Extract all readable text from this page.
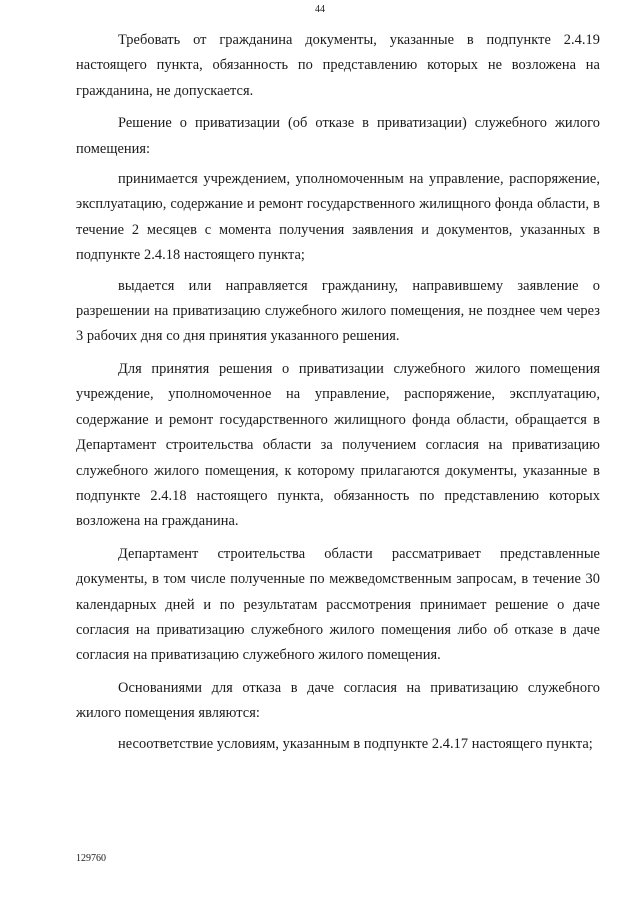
44

Требовать от гражданина документы, указанные в подпункте 2.4.19 настоящего пункта, обязанность по представлению которых не возложена на гражданина, не допускается.

Решение о приватизации (об отказе в приватизации) служебного жилого помещения:

принимается учреждением, уполномоченным на управление, распоряжение, эксплуатацию, содержание и ремонт государственного жилищного фонда области, в течение 2 месяцев с момента получения заявления и документов, указанных в подпункте 2.4.18 настоящего пункта;

выдается или направляется гражданину, направившему заявление о разрешении на приватизацию служебного жилого помещения, не позднее чем через 3 рабочих дня со дня принятия указанного решения.

Для принятия решения о приватизации служебного жилого помещения учреждение, уполномоченное на управление, распоряжение, эксплуатацию, содержание и ремонт государственного жилищного фонда области, обращается в Департамент строительства области за получением согласия на приватизацию служебного жилого помещения, к которому прилагаются документы, указанные в подпункте 2.4.18 настоящего пункта, обязанность по представлению которых возложена на гражданина.

Департамент строительства области рассматривает представленные документы, в том числе полученные по межведомственным запросам, в течение 30 календарных дней и по результатам рассмотрения принимает решение о даче согласия на приватизацию служебного жилого помещения либо об отказе в даче согласия на приватизацию служебного жилого помещения.

Основаниями для отказа в даче согласия на приватизацию служебного жилого помещения являются:

несоответствие условиям, указанным в подпункте 2.4.17 настоящего пункта;

129760
